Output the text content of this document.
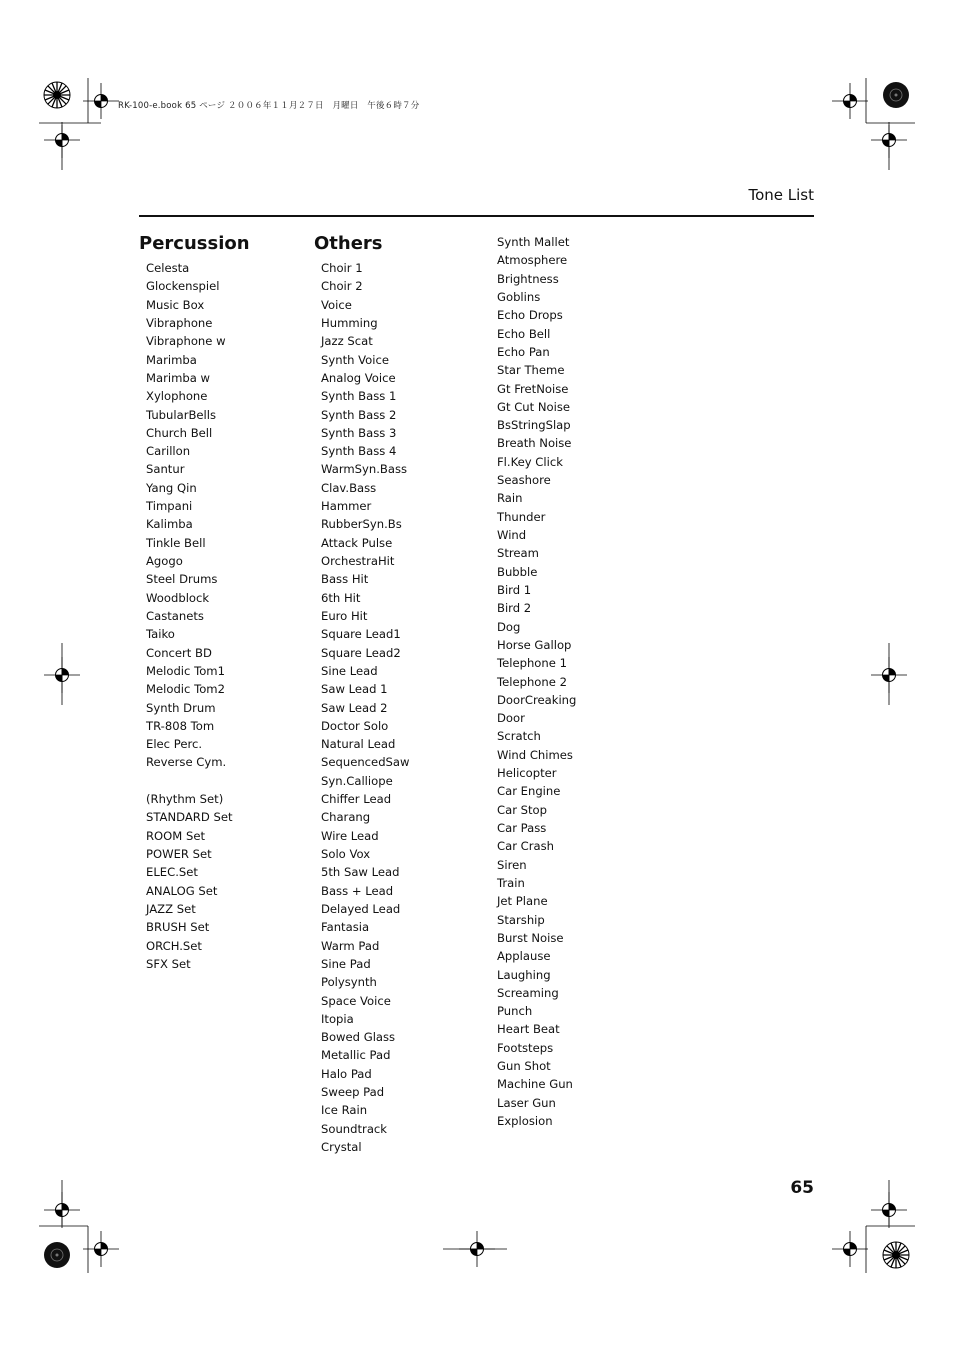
RK-100-e.book 65 ページ ２００６年１１月２７日　月曜日　午後６時７分
Tone List
Percussion
Celesta
Glockenspiel
Music Box
Vibraphone
Vibraphone w
Marimba
Marimba w
Xylophone
TubularBells
Church Bell
Carillon
Santur
Yang Qin
Timpani
Kalimba
Tinkle Bell
Agogo
Steel Drums
Woodblock
Castanets
Taiko
Concert BD
Melodic Tom1
Melodic Tom2
Synth Drum
TR-808 Tom
Elec Perc.
Reverse Cym.
(Rhythm Set)
STANDARD Set
ROOM Set
POWER Set
ELEC.Set
ANALOG Set
JAZZ Set
BRUSH Set
ORCH.Set
SFX Set
Others
Choir 1
Choir 2
Voice
Humming
Jazz Scat
Synth Voice
Analog Voice
Synth Bass 1
Synth Bass 2
Synth Bass 3
Synth Bass 4
WarmSyn.Bass
Clav.Bass
Hammer
RubberSyn.Bs
Attack Pulse
OrchestraHit
Bass Hit
6th Hit
Euro Hit
Square Lead1
Square Lead2
Sine Lead
Saw Lead 1
Saw Lead 2
Doctor Solo
Natural Lead
SequencedSaw
Syn.Calliope
Chiffer Lead
Charang
Wire Lead
Solo Vox
5th Saw Lead
Bass + Lead
Delayed Lead
Fantasia
Warm Pad
Sine Pad
Polysynth
Space Voice
Itopia
Bowed Glass
Metallic Pad
Halo Pad
Sweep Pad
Ice Rain
Soundtrack
Crystal
Synth Mallet
Atmosphere
Brightness
Goblins
Echo Drops
Echo Bell
Echo Pan
Star Theme
Gt FretNoise
Gt Cut Noise
BsStringSlap
Breath Noise
Fl.Key Click
Seashore
Rain
Thunder
Wind
Stream
Bubble
Bird 1
Bird 2
Dog
Horse Gallop
Telephone 1
Telephone 2
DoorCreaking
Door
Scratch
Wind Chimes
Helicopter
Car Engine
Car Stop
Car Pass
Car Crash
Siren
Train
Jet Plane
Starship
Burst Noise
Applause
Laughing
Screaming
Punch
Heart Beat
Footsteps
Gun Shot
Machine Gun
Laser Gun
Explosion
65
